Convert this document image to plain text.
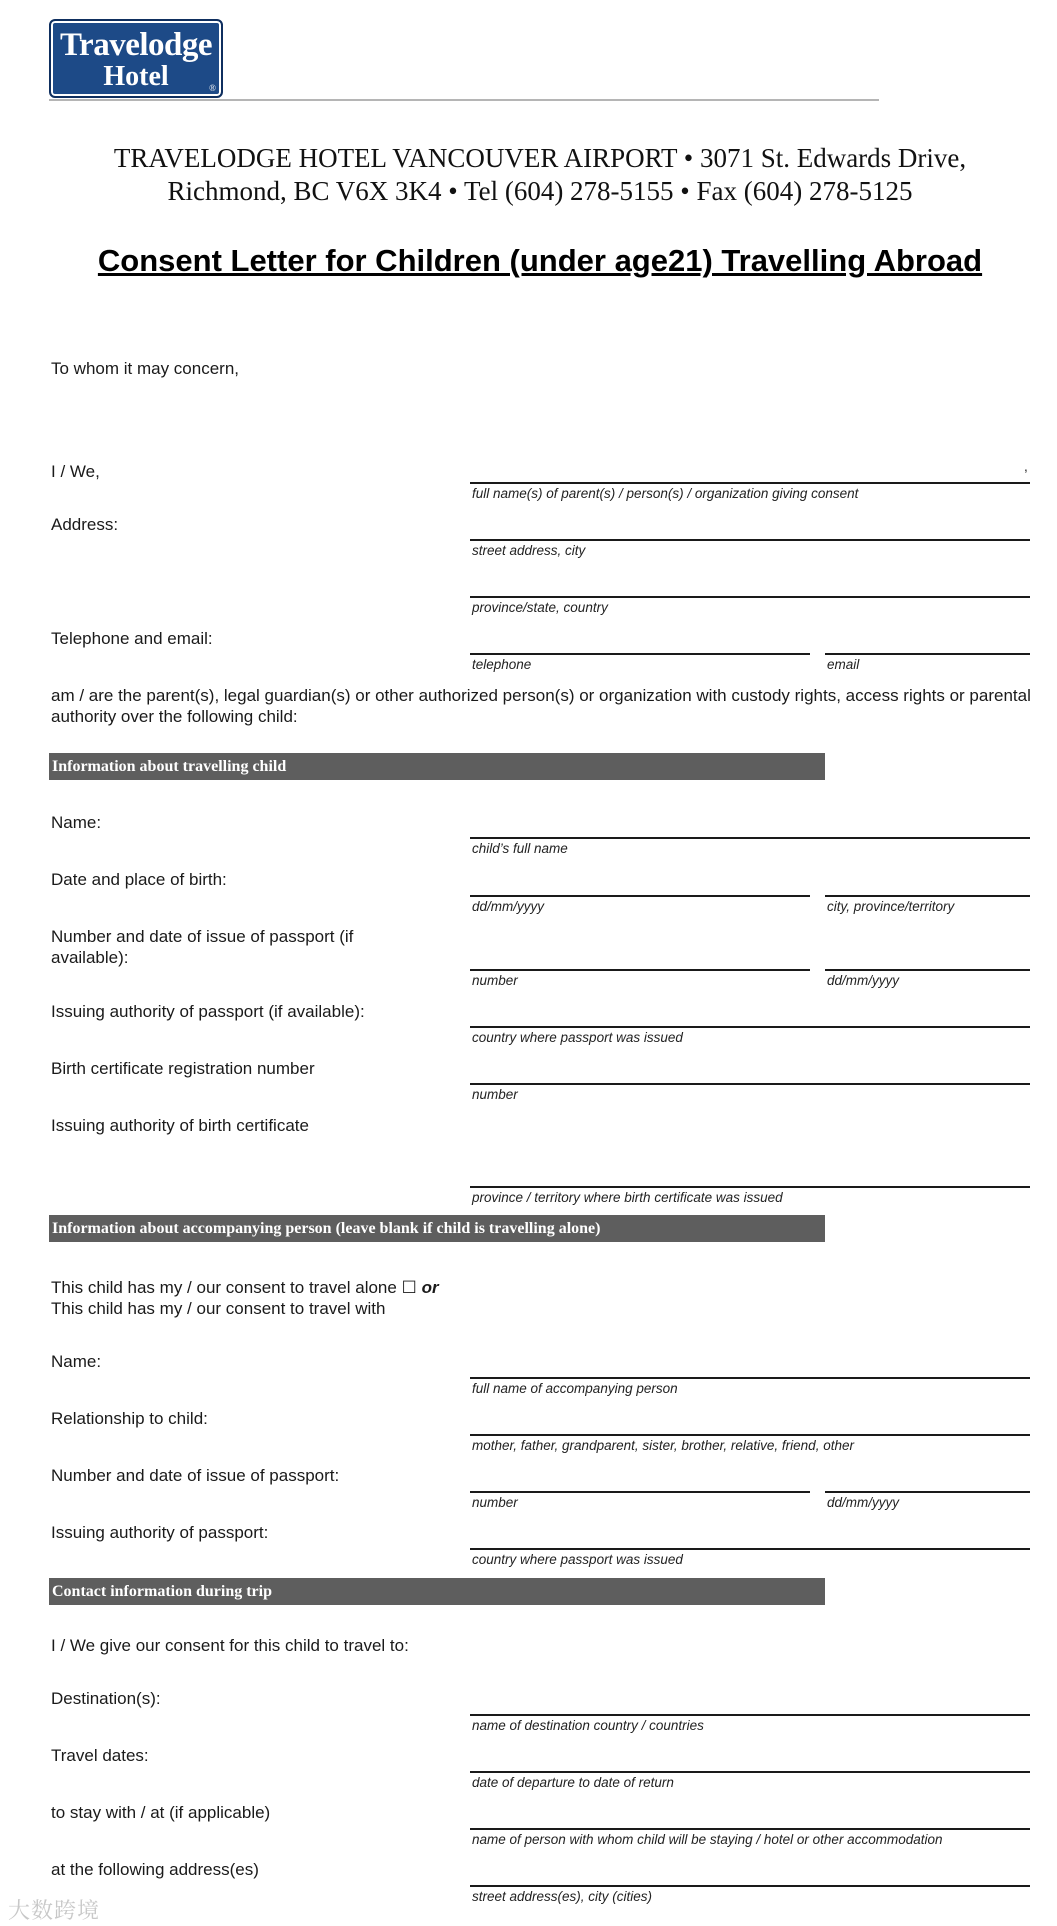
Travelodge
Hotel	®
TRAVELODGE HOTEL VANCOUVER AIRPORT • 3071 St. Edwards Drive,
Richmond, BC V6X 3K4 • Tel (604) 278-5155 • Fax (604) 278-5125
Consent Letter for Children (under age21) Travelling Abroad
To whom it may concern,
I / We,	,
full name(s) of parent(s) / person(s) / organization giving consent
Address:
street address, city
province/state, country
Telephone and email:
telephone	email
am / are the parent(s), legal guardian(s) or other authorized person(s) or organization with custody rights, access rights or parental authority over the following child:
Information about travelling child
Name:
child’s full name
Date and place of birth:
dd/mm/yyyy	city, province/territory
Number and date of issue of passport (if available):
number	dd/mm/yyyy
Issuing authority of passport (if available):
country where passport was issued
Birth certificate registration number
number
Issuing authority of birth certificate
province / territory where birth certificate was issued
Information about accompanying person (leave blank if child is travelling alone)
This child has my / our consent to travel alone ☐ or
This child has my / our consent to travel with
Name:
full name of accompanying person
Relationship to child:
mother, father, grandparent, sister, brother, relative, friend, other
Number and date of issue of passport:
number	dd/mm/yyyy
Issuing authority of passport:
country where passport was issued
Contact information during trip
I / We give our consent for this child to travel to:
Destination(s):
name of destination country / countries
Travel dates:
date of departure to date of return
to stay with / at (if applicable)
name of person with whom child will be staying / hotel or other accommodation
at the following address(es)
street address(es), city (cities)
大数跨境
